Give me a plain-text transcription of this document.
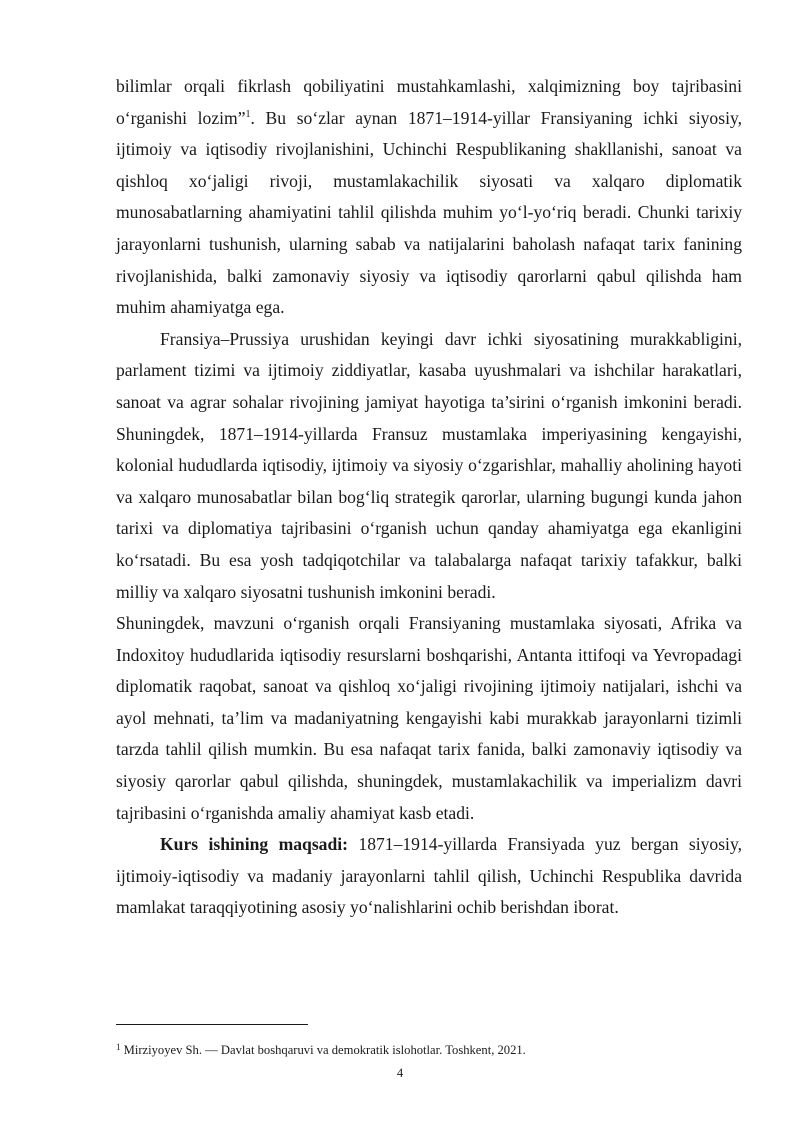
bilimlar orqali fikrlash qobiliyatini mustahkamlashi, xalqimizning boy tajribasini o‘rganishi lozim”$^1$. Bu so‘zlar aynan 1871–1914-yillar Fransiyaning ichki siyosiy, ijtimoiy va iqtisodiy rivojlanishini, Uchinchi Respublikaning shakllanishi, sanoat va qishloq xo‘jaligi rivoji, mustamlakachilik siyosati va xalqaro diplomatik munosabatlarning ahamiyatini tahlil qilishda muhim yo‘l-yo‘riq beradi. Chunki tarixiy jarayonlarni tushunish, ularning sabab va natijalarini baholash nafaqat tarix fanining rivojlanishida, balki zamonaviy siyosiy va iqtisodiy qarorlarni qabul qilishda ham muhim ahamiyatga ega.

Fransiya–Prussiya urushidan keyingi davr ichki siyosatining murakkabligini, parlament tizimi va ijtimoiy ziddiyatlar, kasaba uyushmalari va ishchilar harakatlari, sanoat va agrar sohalar rivojining jamiyat hayotiga ta’sirini o‘rganish imkonini beradi. Shuningdek, 1871–1914-yillarda Fransuz mustamlaka imperiyasining kengayishi, kolonial hududlarda iqtisodiy, ijtimoiy va siyosiy o‘zgarishlar, mahalliy aholining hayoti va xalqaro munosabatlar bilan bog‘liq strategik qarorlar, ularning bugungi kunda jahon tarixi va diplomatiya tajribasini o‘rganish uchun qanday ahamiyatga ega ekanligini ko‘rsatadi. Bu esa yosh tadqiqotchilar va talabalarga nafaqat tarixiy tafakkur, balki milliy va xalqaro siyosatni tushunish imkonini beradi.

Shuningdek, mavzuni o‘rganish orqali Fransiyaning mustamlaka siyosati, Afrika va Indoxitoy hududlarida iqtisodiy resurslarni boshqarishi, Antanta ittifoqi va Yevropadagi diplomatik raqobat, sanoat va qishloq xo‘jaligi rivojining ijtimoiy natijalari, ishchi va ayol mehnati, ta’lim va madaniyatning kengayishi kabi murakkab jarayonlarni tizimli tarzda tahlil qilish mumkin. Bu esa nafaqat tarix fanida, balki zamonaviy iqtisodiy va siyosiy qarorlar qabul qilishda, shuningdek, mustamlakachilik va imperializm davri tajribasini o‘rganishda amaliy ahamiyat kasb etadi.

Kurs ishining maqsadi: 1871–1914-yillarda Fransiyada yuz bergan siyosiy, ijtimoiy-iqtisodiy va madaniy jarayonlarni tahlil qilish, Uchinchi Respublika davrida mamlakat taraqqiyotining asosiy yo‘nalishlarini ochib berishdan iborat.

$^1$ Mirziyoyev Sh. — Davlat boshqaruvi va demokratik islohotlar. Toshkent, 2021.
4
